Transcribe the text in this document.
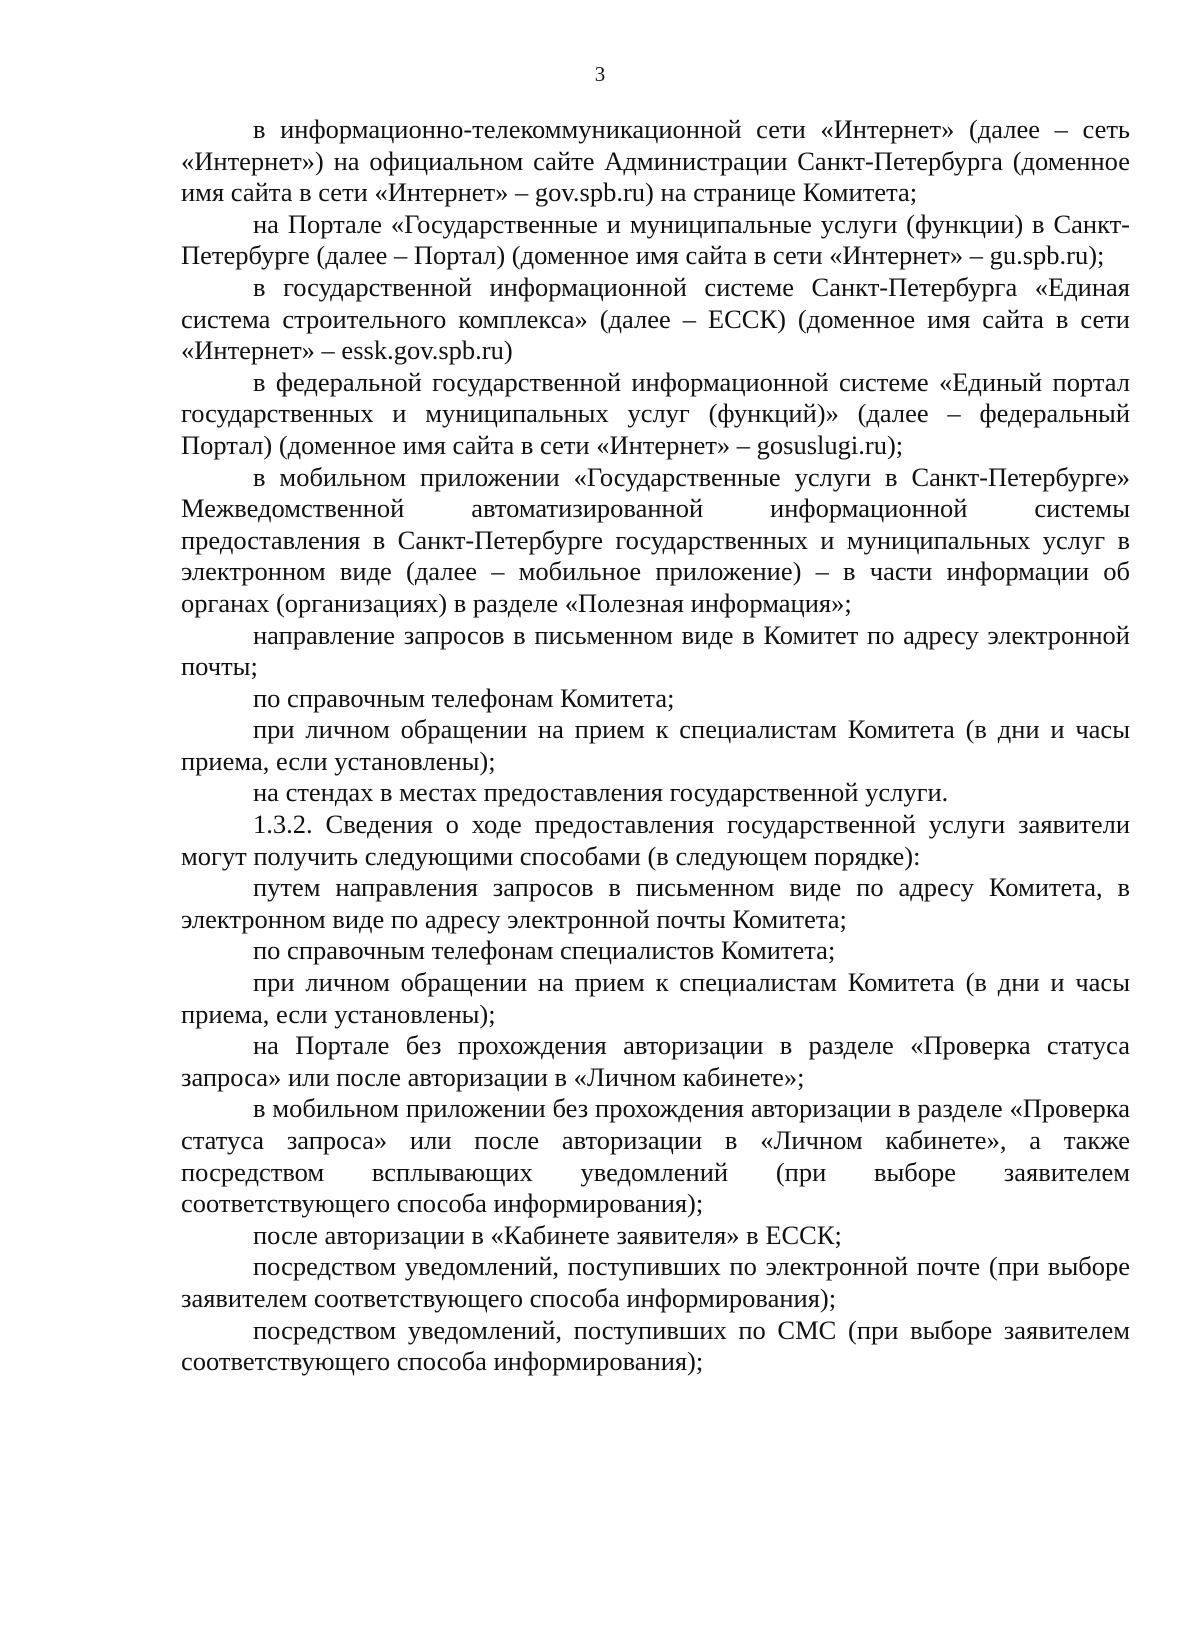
3

в информационно-телекоммуникационной сети «Интернет» (далее – сеть «Интернет») на официальном сайте Администрации Санкт-Петербурга (доменное имя сайта в сети «Интернет» – gov.spb.ru) на странице Комитета;

на Портале «Государственные и муниципальные услуги (функции) в Санкт-Петербурге (далее – Портал) (доменное имя сайта в сети «Интернет» – gu.spb.ru);

в государственной информационной системе Санкт-Петербурга «Единая система строительного комплекса» (далее – ЕССК) (доменное имя сайта в сети «Интернет» – essk.gov.spb.ru)

в федеральной государственной информационной системе «Единый портал государственных и муниципальных услуг (функций)» (далее – федеральный Портал) (доменное имя сайта в сети «Интернет» – gosuslugi.ru);

в мобильном приложении «Государственные услуги в Санкт-Петербурге» Межведомственной автоматизированной информационной системы предоставления в Санкт-Петербурге государственных и муниципальных услуг в электронном виде (далее – мобильное приложение) – в части информации об органах (организациях) в разделе «Полезная информация»;

направление запросов в письменном виде в Комитет по адресу электронной почты;

по справочным телефонам Комитета;

при личном обращении на прием к специалистам Комитета (в дни и часы приема, если установлены);

на стендах в местах предоставления государственной услуги.

1.3.2. Сведения о ходе предоставления государственной услуги заявители могут получить следующими способами (в следующем порядке):

путем направления запросов в письменном виде по адресу Комитета, в электронном виде по адресу электронной почты Комитета;

по справочным телефонам специалистов Комитета;

при личном обращении на прием к специалистам Комитета (в дни и часы приема, если установлены);

на Портале без прохождения авторизации в разделе «Проверка статуса запроса» или после авторизации в «Личном кабинете»;

в мобильном приложении без прохождения авторизации в разделе «Проверка статуса запроса» или после авторизации в «Личном кабинете», а также посредством всплывающих уведомлений (при выборе заявителем соответствующего способа информирования);

после авторизации в «Кабинете заявителя» в ЕССК;

посредством уведомлений, поступивших по электронной почте (при выборе заявителем соответствующего способа информирования);

посредством уведомлений, поступивших по СМС (при выборе заявителем соответствующего способа информирования);
